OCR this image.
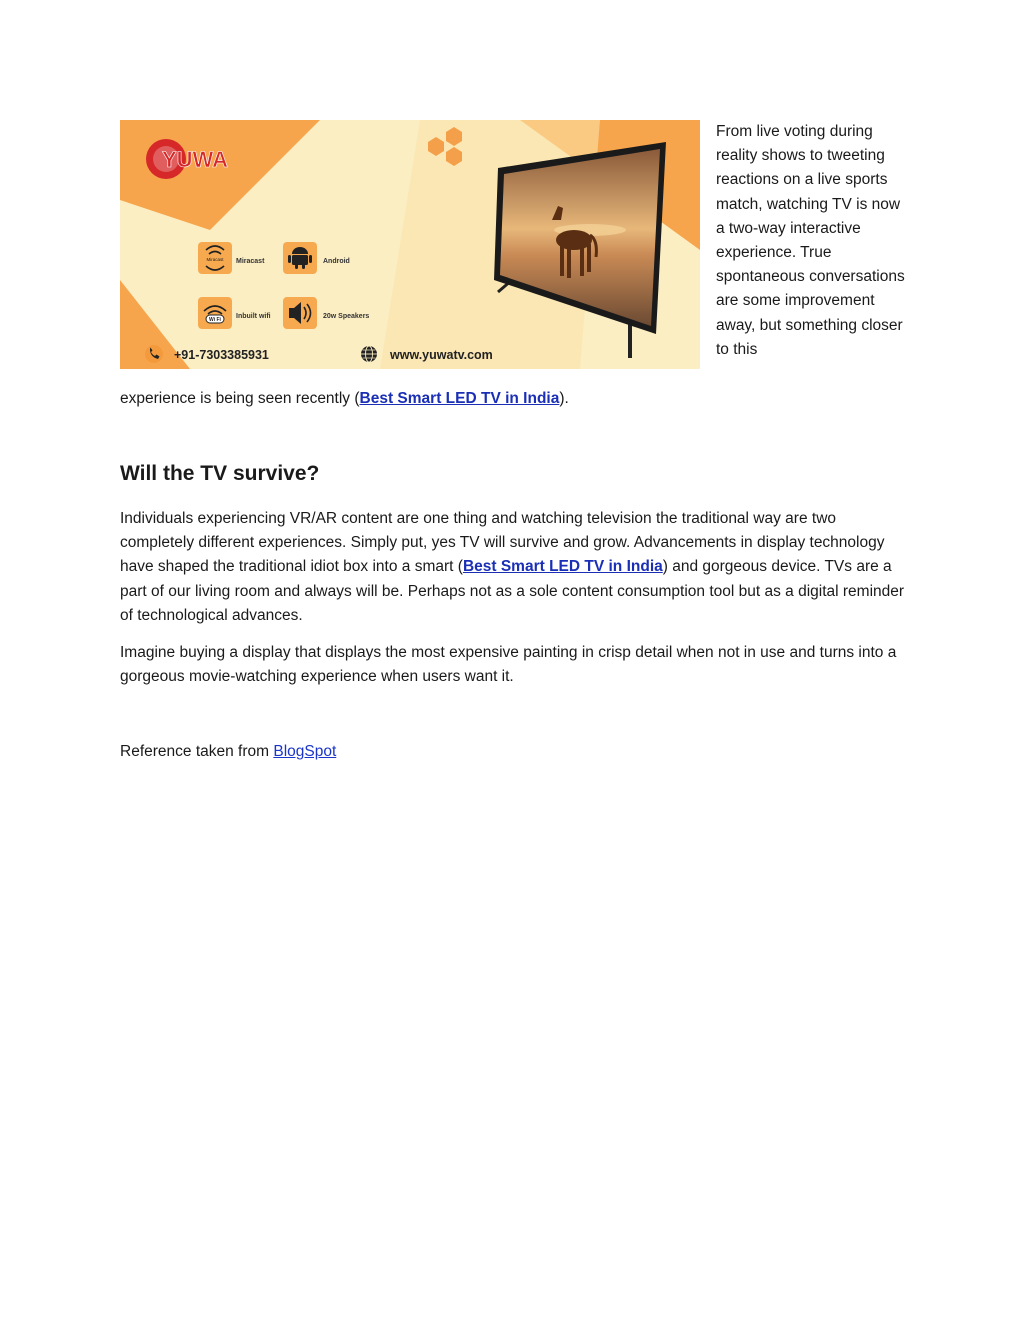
YUWA
Miracast Miracast	Android
Wi Fi Inbuilt wifi	20w Speakers
+91-7303385931	www.yuwatv.com
From live voting during reality shows to tweeting reactions on a live sports match, watching TV is now a two-way interactive experience. True spontaneous conversations are some improvement away, but something closer to this
experience is being seen recently (Best Smart LED TV in India).
Will the TV survive?

Individuals experiencing VR/AR content are one thing and watching television the traditional way are two completely different experiences. Simply put, yes TV will survive and grow. Advancements in display technology have shaped the traditional idiot box into a smart (Best Smart LED TV in India) and gorgeous device. TVs are a part of our living room and always will be. Perhaps not as a sole content consumption tool but as a digital reminder of technological advances.

Imagine buying a display that displays the most expensive painting in crisp detail when not in use and turns into a gorgeous movie-watching experience when users want it.

Reference taken from BlogSpot
